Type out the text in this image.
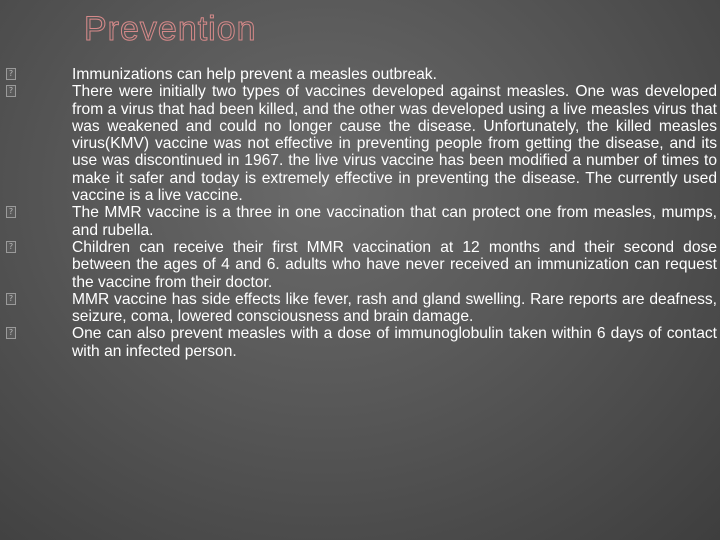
Prevention
?	Immunizations can help prevent a measles outbreak.
?	There were initially two types of vaccines developed against measles. One was developed from a virus that had been killed, and the other was developed using a live measles virus that was weakened and could no longer cause the disease. Unfortunately, the killed measles virus(KMV) vaccine was not effective in preventing people from getting the disease, and its use was discontinued in 1967. the live virus vaccine has been modified a number of times to make it safer and today is extremely effective in preventing the disease. The currently used vaccine is a live vaccine.
?	The MMR vaccine is a three in one vaccination that can protect one from measles, mumps, and rubella.
?	Children can receive their first MMR vaccination at 12 months and their second dose between the ages of 4 and 6. adults who have never received an immunization can request the vaccine from their doctor.
?	MMR vaccine has side effects like fever, rash and gland swelling. Rare reports are deafness, seizure, coma, lowered consciousness and brain damage.
?	One can also prevent measles with a dose of immunoglobulin taken within 6 days of contact with an infected person.
